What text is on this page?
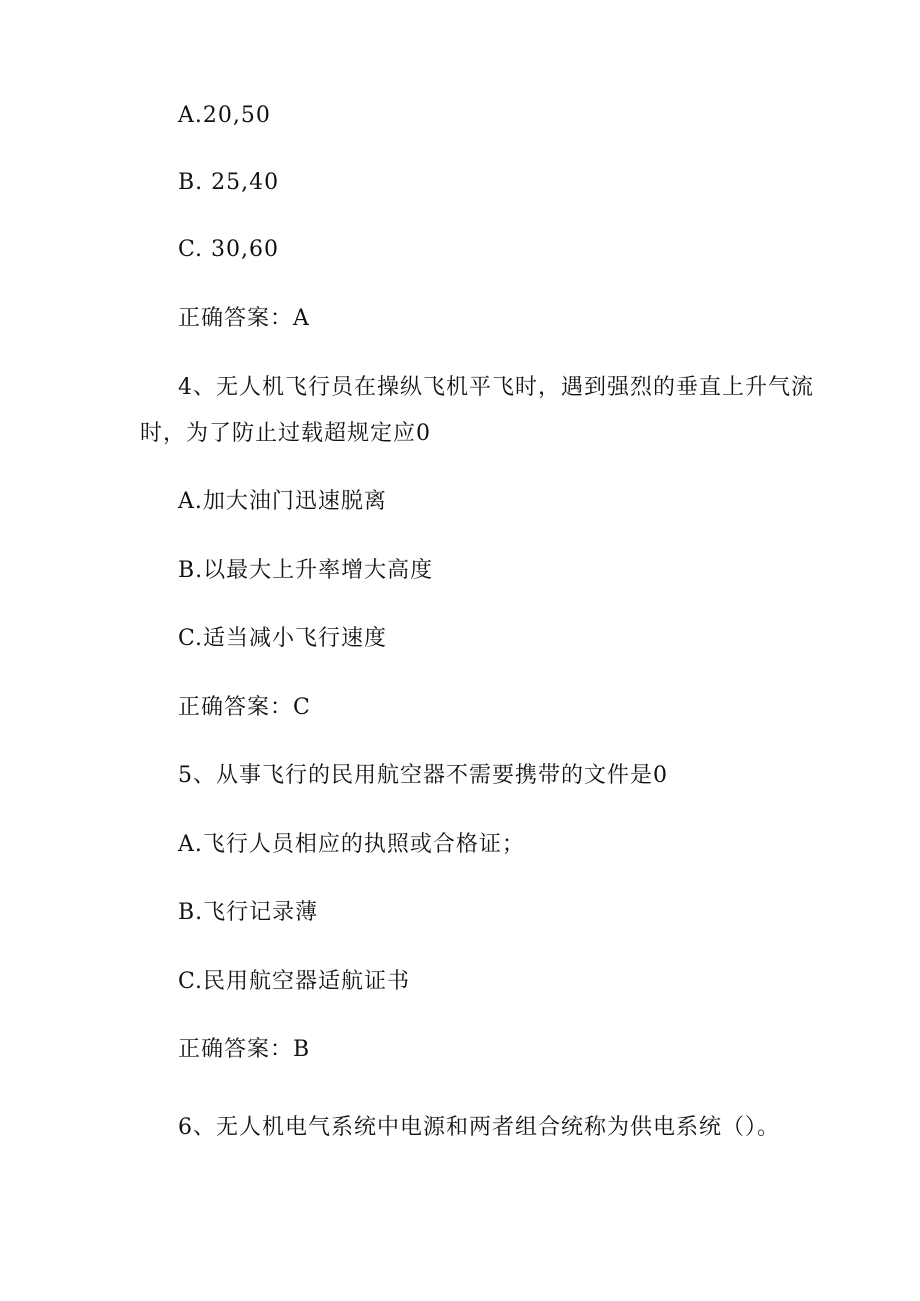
A.20,50
B. 25,40
C. 30,60
正确答案：A
4、无人机飞行员在操纵飞机平飞时，遇到强烈的垂直上升气流
时，为了防止过载超规定应0
A.加大油门迅速脱离
B.以最大上升率增大高度
C.适当减小飞行速度
正确答案：C
5、从事飞行的民用航空器不需要携带的文件是0
A.飞行人员相应的执照或合格证；
B.飞行记录薄
C.民用航空器适航证书
正确答案：B
6、无人机电气系统中电源和两者组合统称为供电系统（）。
